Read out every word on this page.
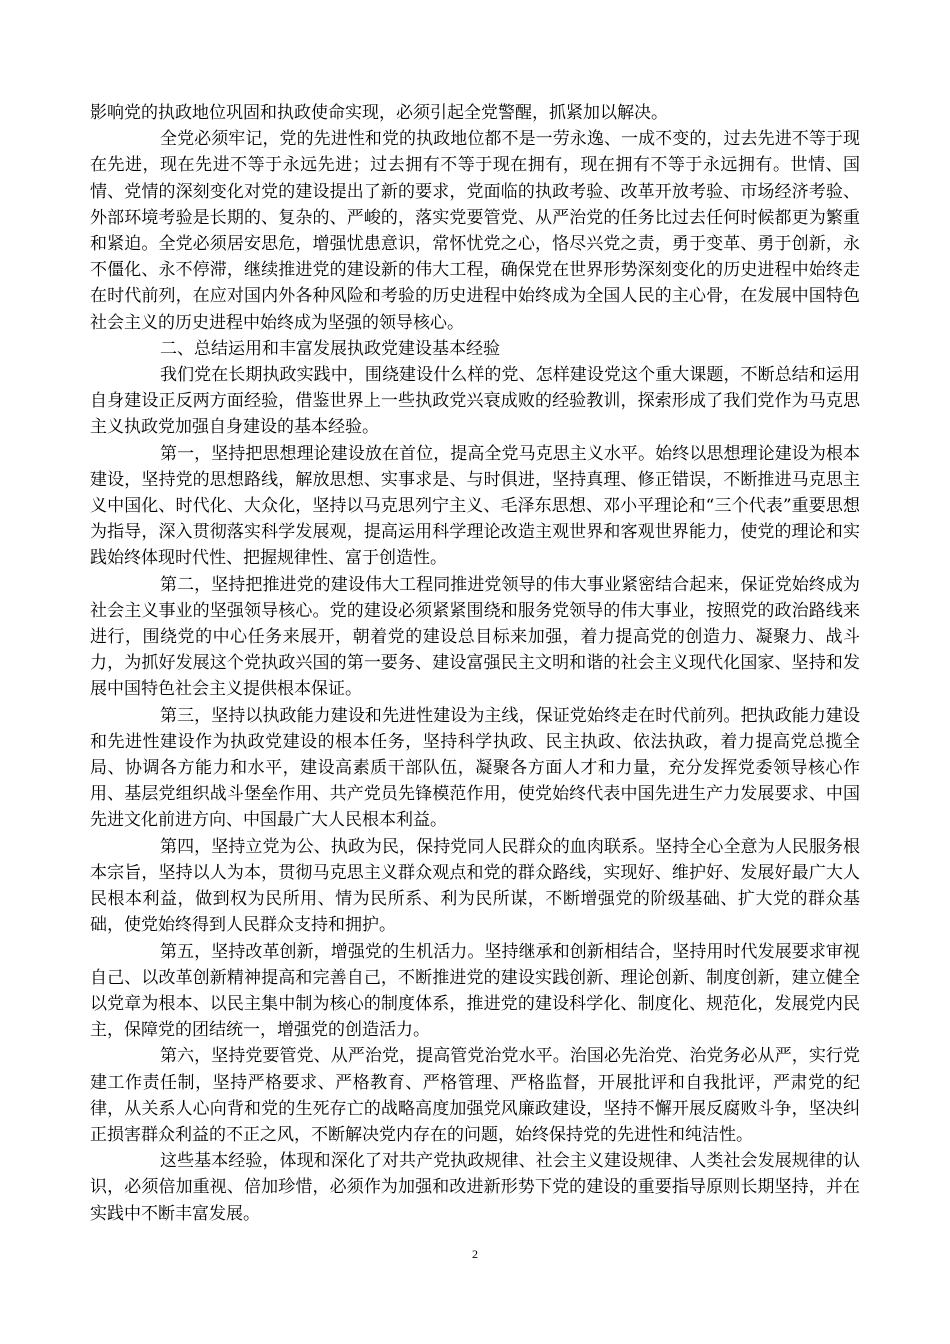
影响党的执政地位巩固和执政使命实现，必须引起全党警醒，抓紧加以解决。

全党必须牢记，党的先进性和党的执政地位都不是一劳永逸、一成不变的，过去先进不等于现在先进，现在先进不等于永远先进；过去拥有不等于现在拥有，现在拥有不等于永远拥有。世情、国情、党情的深刻变化对党的建设提出了新的要求，党面临的执政考验、改革开放考验、市场经济考验、外部环境考验是长期的、复杂的、严峻的，落实党要管党、从严治党的任务比过去任何时候都更为繁重和紧迫。全党必须居安思危，增强忧患意识，常怀忧党之心，恪尽兴党之责，勇于变革、勇于创新，永不僵化、永不停滞，继续推进党的建设新的伟大工程，确保党在世界形势深刻变化的历史进程中始终走在时代前列，在应对国内外各种风险和考验的历史进程中始终成为全国人民的主心骨，在发展中国特色社会主义的历史进程中始终成为坚强的领导核心。

二、总结运用和丰富发展执政党建设基本经验

我们党在长期执政实践中，围绕建设什么样的党、怎样建设党这个重大课题，不断总结和运用自身建设正反两方面经验，借鉴世界上一些执政党兴衰成败的经验教训，探索形成了我们党作为马克思主义执政党加强自身建设的基本经验。

第一，坚持把思想理论建设放在首位，提高全党马克思主义水平。始终以思想理论建设为根本建设，坚持党的思想路线，解放思想、实事求是、与时俱进，坚持真理、修正错误，不断推进马克思主义中国化、时代化、大众化，坚持以马克思列宁主义、毛泽东思想、邓小平理论和“三个代表”重要思想为指导，深入贯彻落实科学发展观，提高运用科学理论改造主观世界和客观世界能力，使党的理论和实践始终体现时代性、把握规律性、富于创造性。

第二，坚持把推进党的建设伟大工程同推进党领导的伟大事业紧密结合起来，保证党始终成为社会主义事业的坚强领导核心。党的建设必须紧紧围绕和服务党领导的伟大事业，按照党的政治路线来进行，围绕党的中心任务来展开，朝着党的建设总目标来加强，着力提高党的创造力、凝聚力、战斗力，为抓好发展这个党执政兴国的第一要务、建设富强民主文明和谐的社会主义现代化国家、坚持和发展中国特色社会主义提供根本保证。

第三，坚持以执政能力建设和先进性建设为主线，保证党始终走在时代前列。把执政能力建设和先进性建设作为执政党建设的根本任务，坚持科学执政、民主执政、依法执政，着力提高党总揽全局、协调各方能力和水平，建设高素质干部队伍，凝聚各方面人才和力量，充分发挥党委领导核心作用、基层党组织战斗堡垒作用、共产党员先锋模范作用，使党始终代表中国先进生产力发展要求、中国先进文化前进方向、中国最广大人民根本利益。

第四，坚持立党为公、执政为民，保持党同人民群众的血肉联系。坚持全心全意为人民服务根本宗旨，坚持以人为本，贯彻马克思主义群众观点和党的群众路线，实现好、维护好、发展好最广大人民根本利益，做到权为民所用、情为民所系、利为民所谋，不断增强党的阶级基础、扩大党的群众基础，使党始终得到人民群众支持和拥护。

第五，坚持改革创新，增强党的生机活力。坚持继承和创新相结合，坚持用时代发展要求审视自己、以改革创新精神提高和完善自己，不断推进党的建设实践创新、理论创新、制度创新，建立健全以党章为根本、以民主集中制为核心的制度体系，推进党的建设科学化、制度化、规范化，发展党内民主，保障党的团结统一，增强党的创造活力。

第六，坚持党要管党、从严治党，提高管党治党水平。治国必先治党、治党务必从严，实行党建工作责任制，坚持严格要求、严格教育、严格管理、严格监督，开展批评和自我批评，严肃党的纪律，从关系人心向背和党的生死存亡的战略高度加强党风廉政建设，坚持不懈开展反腐败斗争，坚决纠正损害群众利益的不正之风，不断解决党内存在的问题，始终保持党的先进性和纯洁性。

这些基本经验，体现和深化了对共产党执政规律、社会主义建设规律、人类社会发展规律的认识，必须倍加重视、倍加珍惜，必须作为加强和改进新形势下党的建设的重要指导原则长期坚持，并在实践中不断丰富发展。

2
